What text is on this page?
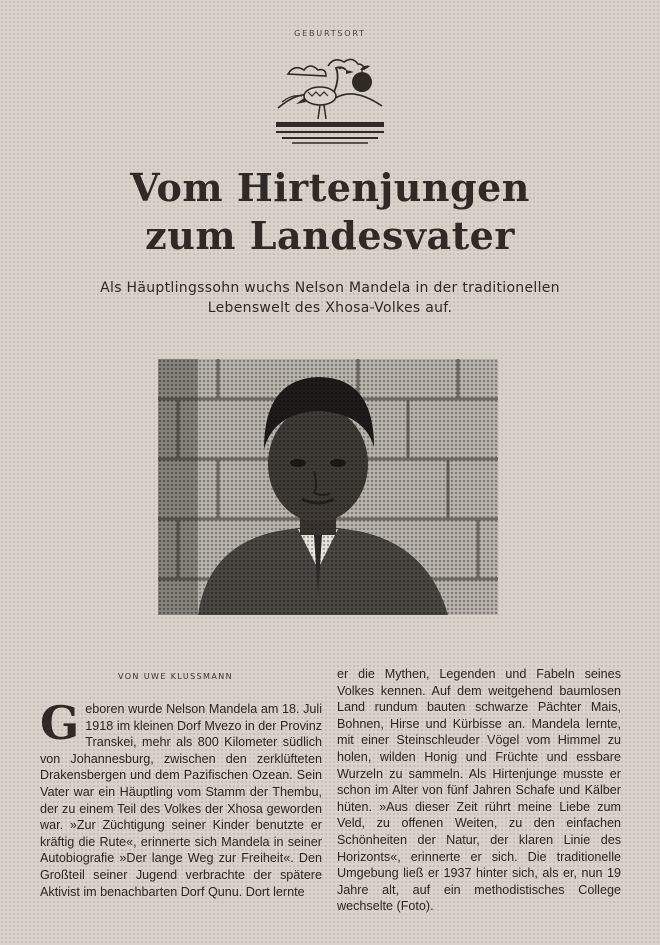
GEBURTSORT
Vom Hirtenjungen
zum Landesvater
Als Häuptlingssohn wuchs Nelson Mandela in der traditionellen Lebenswelt des Xhosa-Volkes auf.
VON UWE KLUSSMANN
G eboren wurde Nelson Mandela am 18. Juli 1918 im kleinen Dorf Mvezo in der Provinz Transkei, mehr als 800 Kilometer südlich von Johannesburg, zwischen den zerklüfteten Drakensbergen und dem Pazifischen Ozean. Sein Vater war ein Häuptling vom Stamm der Thembu, der zu einem Teil des Volkes der Xhosa geworden war. »Zur Züchtigung seiner Kinder benutzte er kräftig die Rute«, erinnerte sich Mandela in seiner Autobiografie »Der lange Weg zur Freiheit«. Den Großteil seiner Jugend verbrachte der spätere Aktivist im benachbarten Dorf Qunu. Dort lernte

er die Mythen, Legenden und Fabeln seines Volkes kennen. Auf dem weitgehend baumlosen Land rundum bauten schwarze Pächter Mais, Bohnen, Hirse und Kürbisse an. Mandela lernte, mit einer Steinschleuder Vögel vom Himmel zu holen, wilden Honig und Früchte und essbare Wurzeln zu sammeln. Als Hirtenjunge musste er schon im Alter von fünf Jahren Schafe und Kälber hüten. »Aus dieser Zeit rührt meine Liebe zum Veld, zu offenen Weiten, zu den einfachen Schönheiten der Natur, der klaren Linie des Horizonts«, erinnerte er sich. Die traditionelle Umgebung ließ er 1937 hinter sich, als er, nun 19 Jahre alt, auf ein methodistisches College wechselte (Foto).
